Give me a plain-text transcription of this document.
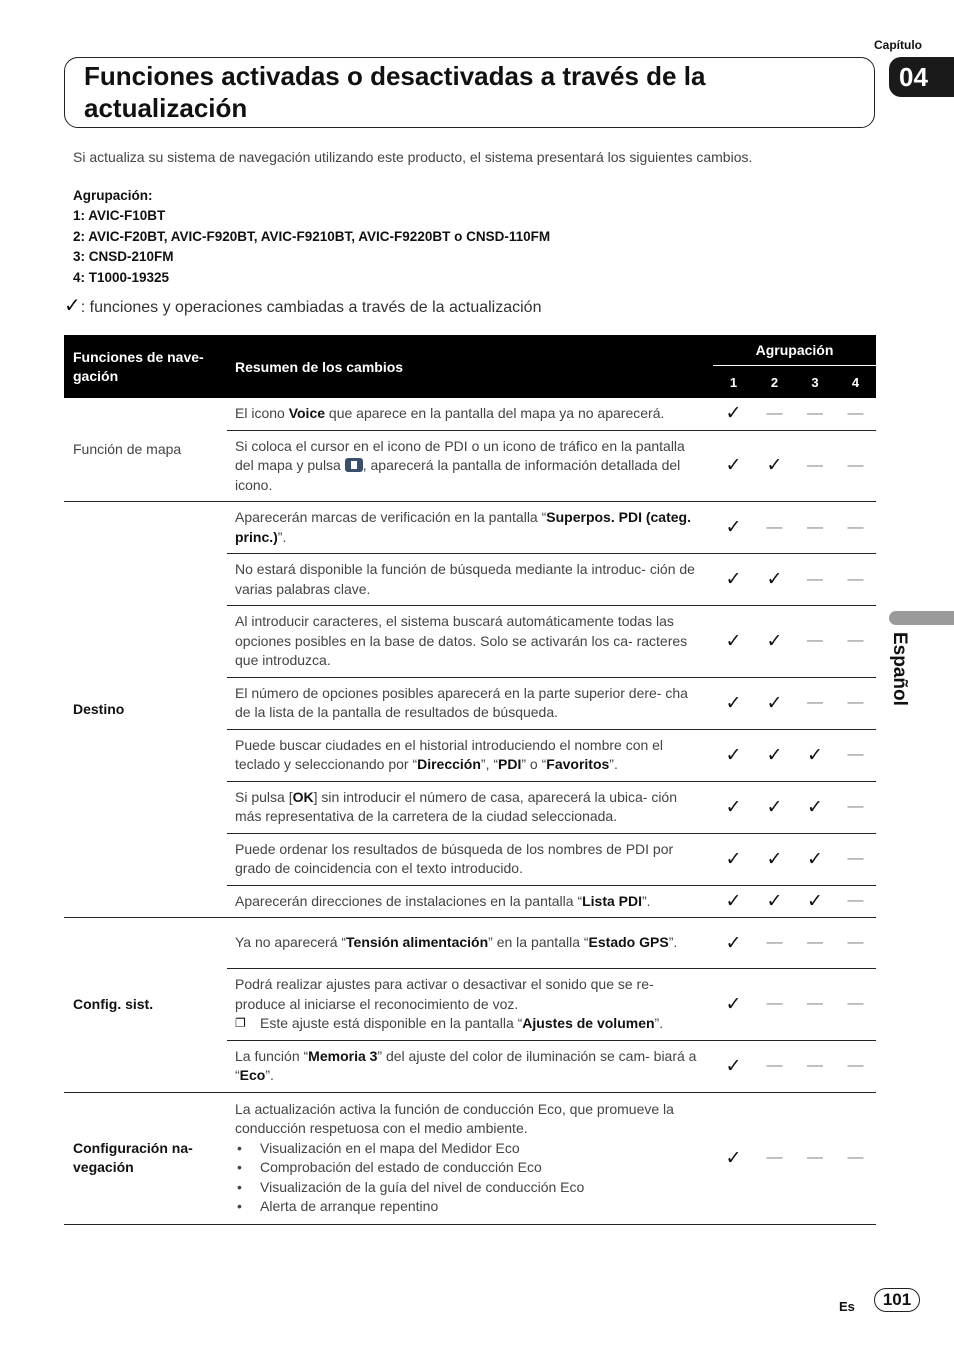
Capítulo
04
Funciones activadas o desactivadas a través de la actualización
Si actualiza su sistema de navegación utilizando este producto, el sistema presentará los siguientes cambios.
Agrupación:
1: AVIC-F10BT
2: AVIC-F20BT, AVIC-F920BT, AVIC-F9210BT, AVIC-F9220BT o CNSD-110FM
3: CNSD-210FM
4: T1000-19325
✓: funciones y operaciones cambiadas a través de la actualización
Español
Funciones de nave- gación	Resumen de los cambios	Agrupación			
		1	2	3	4
Función de mapa	El icono Voice que aparece en la pantalla del mapa ya no aparecerá.	✓	—	—	—
	Si coloca el cursor en el icono de PDI o un icono de tráfico en la pantalla del mapa y pulsa , aparecerá la pantalla de información detallada del icono.	✓	✓	—	—
Destino	Aparecerán marcas de verificación en la pantalla “Superpos. PDI (categ. princ.)”.	✓	—	—	—
	No estará disponible la función de búsqueda mediante la introduc- ción de varias palabras clave.	✓	✓	—	—
	Al introducir caracteres, el sistema buscará automáticamente todas las opciones posibles en la base de datos. Solo se activarán los ca- racteres que introduzca.	✓	✓	—	—
	El número de opciones posibles aparecerá en la parte superior dere- cha de la lista de la pantalla de resultados de búsqueda.	✓	✓	—	—
	Puede buscar ciudades en el historial introduciendo el nombre con el teclado y seleccionando por “Dirección”, “PDI” o “Favoritos”.	✓	✓	✓	—
	Si pulsa [OK] sin introducir el número de casa, aparecerá la ubica- ción más representativa de la carretera de la ciudad seleccionada.	✓	✓	✓	—
	Puede ordenar los resultados de búsqueda de los nombres de PDI por grado de coincidencia con el texto introducido.	✓	✓	✓	—
	Aparecerán direcciones de instalaciones en la pantalla “Lista PDI”.	✓	✓	✓	—
Config. sist.	Ya no aparecerá “Tensión alimentación” en la pantalla “Estado GPS”.	✓	—	—	—
	Podrá realizar ajustes para activar o desactivar el sonido que se re- produce al iniciarse el reconocimiento de voz.
❐ Este ajuste está disponible en la pantalla “Ajustes de volumen”.	✓	—	—	—
	La función “Memoria 3” del ajuste del color de iluminación se cam- biará a “Eco”.	✓	—	—	—
Configuración na- vegación	La actualización activa la función de conducción Eco, que promueve la conducción respetuosa con el medio ambiente.
• Visualización en el mapa del Medidor Eco
• Comprobación del estado de conducción Eco
• Visualización de la guía del nivel de conducción Eco
• Alerta de arranque repentino	✓	—	—	—
Es	101
